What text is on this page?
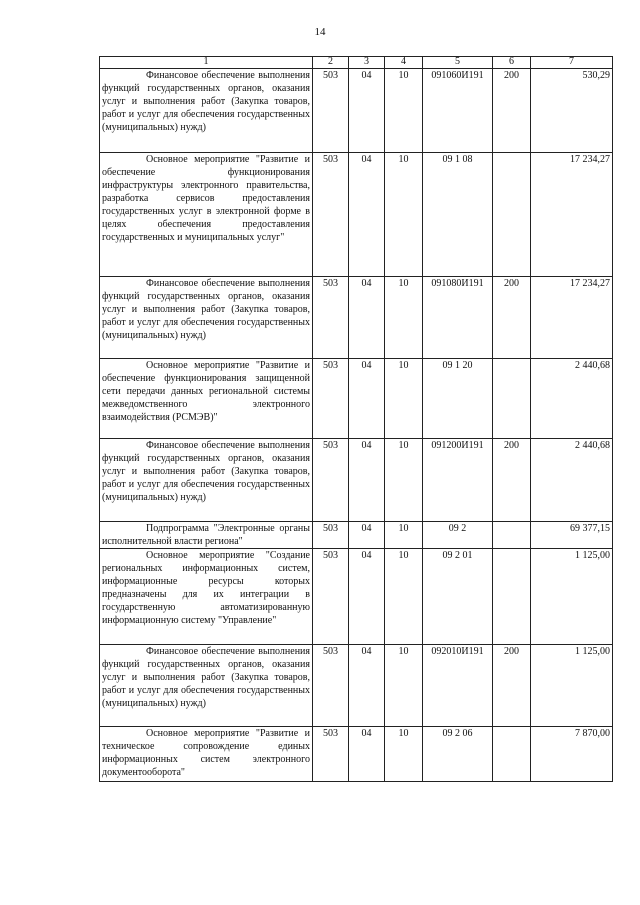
14
1	2	3	4	5	6	7
Финансовое обеспечение выполнения функций государственных органов, оказания услуг и выполнения работ (Закупка товаров, работ и услуг для обеспечения государственных (муниципальных) нужд)	503	04	10	091060И191	200	530,29
Основное мероприятие "Развитие и обеспечение функционирования инфраструктуры электронного правительства, разработка сервисов предоставления государственных услуг в электронной форме в целях обеспечения предоставления государственных и муниципальных услуг"	503	04	10	09 1 08		17 234,27
Финансовое обеспечение выполнения функций государственных органов, оказания услуг и выполнения работ (Закупка товаров, работ и услуг для обеспечения государственных (муниципальных) нужд)	503	04	10	091080И191	200	17 234,27
Основное мероприятие "Развитие и обеспечение функционирования защищенной сети передачи данных региональной системы межведомственного электронного взаимодействия (РСМЭВ)"	503	04	10	09 1 20		2 440,68
Финансовое обеспечение выполнения функций государственных органов, оказания услуг и выполнения работ (Закупка товаров, работ и услуг для обеспечения государственных (муниципальных) нужд)	503	04	10	091200И191	200	2 440,68
Подпрограмма "Электронные органы исполнительной власти региона"	503	04	10	09 2		69 377,15
Основное мероприятие "Создание региональных информационных систем, информационные ресурсы которых предназначены для их интеграции в государственную автоматизированную информационную систему "Управление"	503	04	10	09 2 01		1 125,00
Финансовое обеспечение выполнения функций государственных органов, оказания услуг и выполнения работ (Закупка товаров, работ и услуг для обеспечения государственных (муниципальных) нужд)	503	04	10	092010И191	200	1 125,00
Основное мероприятие "Развитие и техническое сопровождение единых информационных систем электронного документооборота"	503	04	10	09 2 06		7 870,00
